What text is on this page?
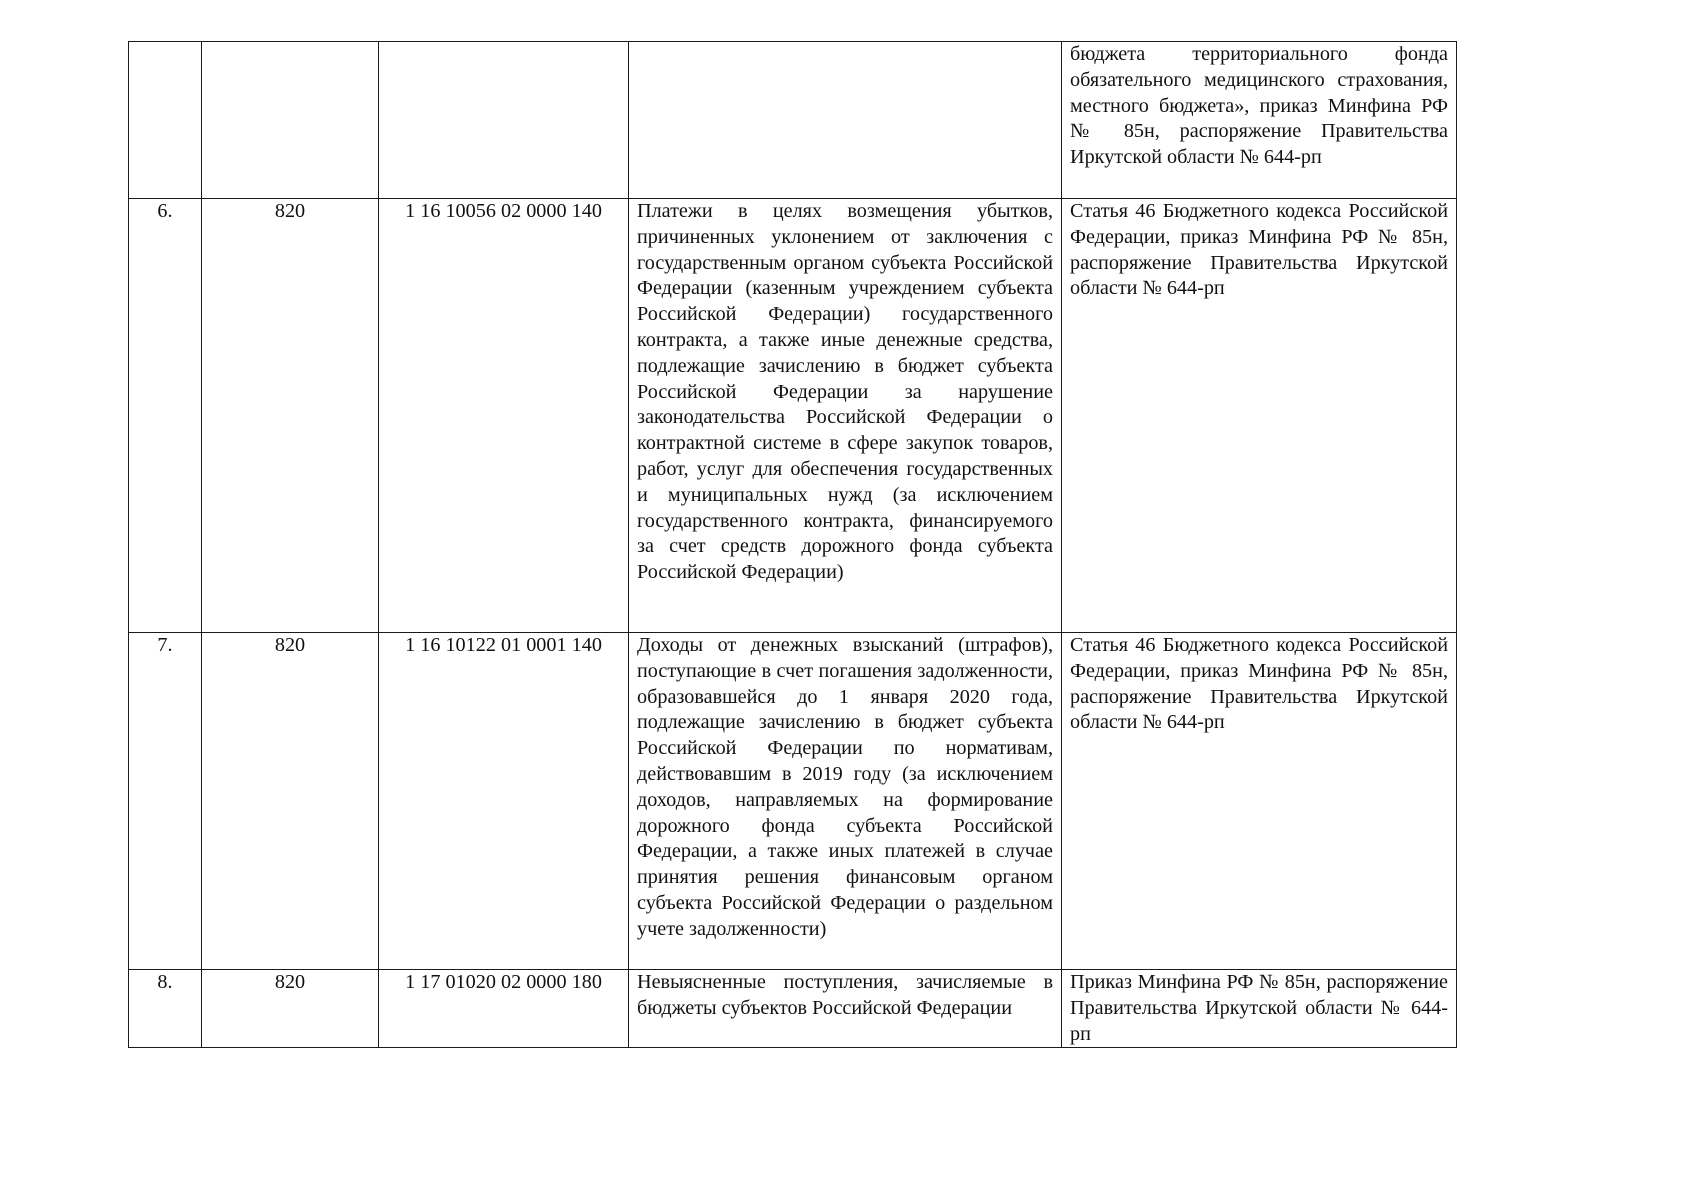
				бюджета территориального фонда обязательного медицинского страхования, местного бюджета», приказ Минфина РФ № 85н, распоряжение Правительства Иркутской области № 644-рп
6.	820	1 16 10056 02 0000 140	Платежи в целях возмещения убытков, причиненных уклонением от заключения с государственным органом субъекта Российской Федерации (казенным учреждением субъекта Российской Федерации) государственного контракта, а также иные денежные средства, подлежащие зачислению в бюджет субъекта Российской Федерации за нарушение законодательства Российской Федерации о контрактной системе в сфере закупок товаров, работ, услуг для обеспечения государственных и муниципальных нужд (за исключением государственного контракта, финансируемого за счет средств дорожного фонда субъекта Российской Федерации)	Статья 46 Бюджетного кодекса Российской Федерации, приказ Минфина РФ № 85н, распоряжение Правительства Иркутской области № 644-рп
7.	820	1 16 10122 01 0001 140	Доходы от денежных взысканий (штрафов), поступающие в счет погашения задолженности, образовавшейся до 1 января 2020 года, подлежащие зачислению в бюджет субъекта Российской Федерации по нормативам, действовавшим в 2019 году (за исключением доходов, направляемых на формирование дорожного фонда субъекта Российской Федерации, а также иных платежей в случае принятия решения финансовым органом субъекта Российской Федерации о раздельном учете задолженности)	Статья 46 Бюджетного кодекса Российской Федерации, приказ Минфина РФ № 85н, распоряжение Правительства Иркутской области № 644-рп
8.	820	1 17 01020 02 0000 180	Невыясненные поступления, зачисляемые в бюджеты субъектов Российской Федерации	Приказ Минфина РФ № 85н, распоряжение Правительства Иркутской области № 644-рп
